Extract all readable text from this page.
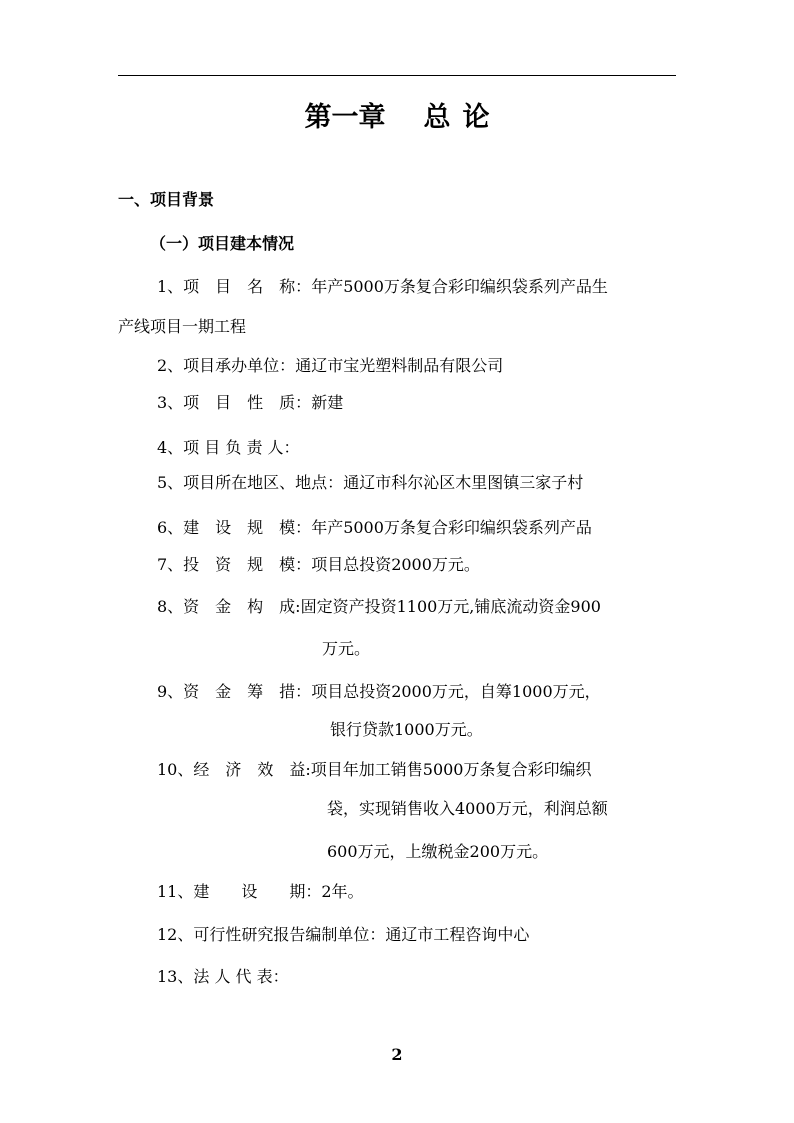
第一章 总 论
一、项目背景
（一）项目建本情况
1、项　目　名　称：年产5000万条复合彩印编织袋系列产品生
产线项目一期工程
2、项目承办单位：通辽市宝光塑料制品有限公司
3、项　目　性　质：新建
4、项 目 负 责 人：
5、项目所在地区、地点：通辽市科尔沁区木里图镇三家子村
6、建　设　规　模：年产5000万条复合彩印编织袋系列产品
7、投　资　规　模：项目总投资2000万元。
8、资　金　构　成:固定资产投资1100万元,铺底流动资金900
万元。
9、资　金　筹　措：项目总投资2000万元，自筹1000万元，
银行贷款1000万元。
10、经　济　效　益:项目年加工销售5000万条复合彩印编织
袋，实现销售收入4000万元，利润总额
600万元，上缴税金200万元。
11、建　　设　　期：2年。
12、可行性研究报告编制单位：通辽市工程咨询中心
13、法 人 代 表：
2
